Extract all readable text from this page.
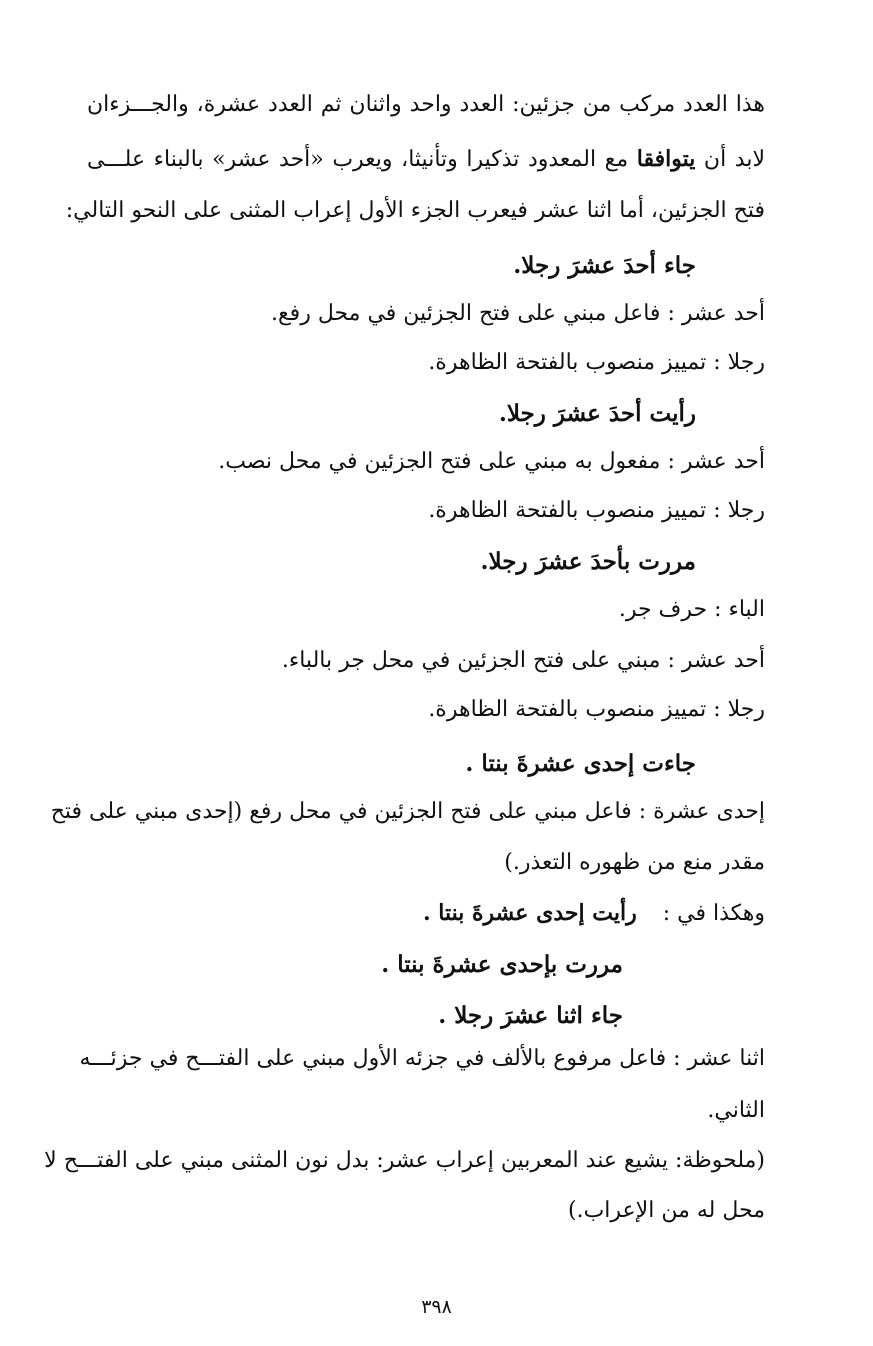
هذا العدد مركب من جزئين: العدد واحد واثنان ثم العدد عشرة، والجـــزءان
لابد أن يتوافقا مع المعدود تذكيرا وتأنيثا، ويعرب «أحد عشر» بالبناء علـــى
فتح الجزئين، أما اثنا عشر فيعرب الجزء الأول إعراب المثنى على النحو التالي:
جاء أحدَ عشرَ رجلا.
أحد عشر : فاعل مبني على فتح الجزئين في محل رفع.
رجلا : تمييز منصوب بالفتحة الظاهرة.
رأيت أحدَ عشرَ رجلا.
أحد عشر : مفعول به مبني على فتح الجزئين في محل نصب.
رجلا : تمييز منصوب بالفتحة الظاهرة.
مررت بأحدَ عشرَ رجلا.
الباء : حرف جر.
أحد عشر : مبني على فتح الجزئين في محل جر بالباء.
رجلا : تمييز منصوب بالفتحة الظاهرة.
جاءت إحدى عشرةَ بنتا .
إحدى عشرة : فاعل مبني على فتح الجزئين في محل رفع (إحدى مبني على فتح
مقدر منع من ظهوره التعذر.)
وهكذا في :رأيت إحدى عشرةَ بنتا .
مررت بإحدى عشرةَ بنتا .
جاء اثنا عشرَ رجلا .
اثنا عشر : فاعل مرفوع بالألف في جزئه الأول مبني على الفتـــح في جزئـــه
الثاني.
(ملحوظة: يشيع عند المعربين إعراب عشر: بدل نون المثنى مبني على الفتـــح لا
محل له من الإعراب.)
٣٩٨
